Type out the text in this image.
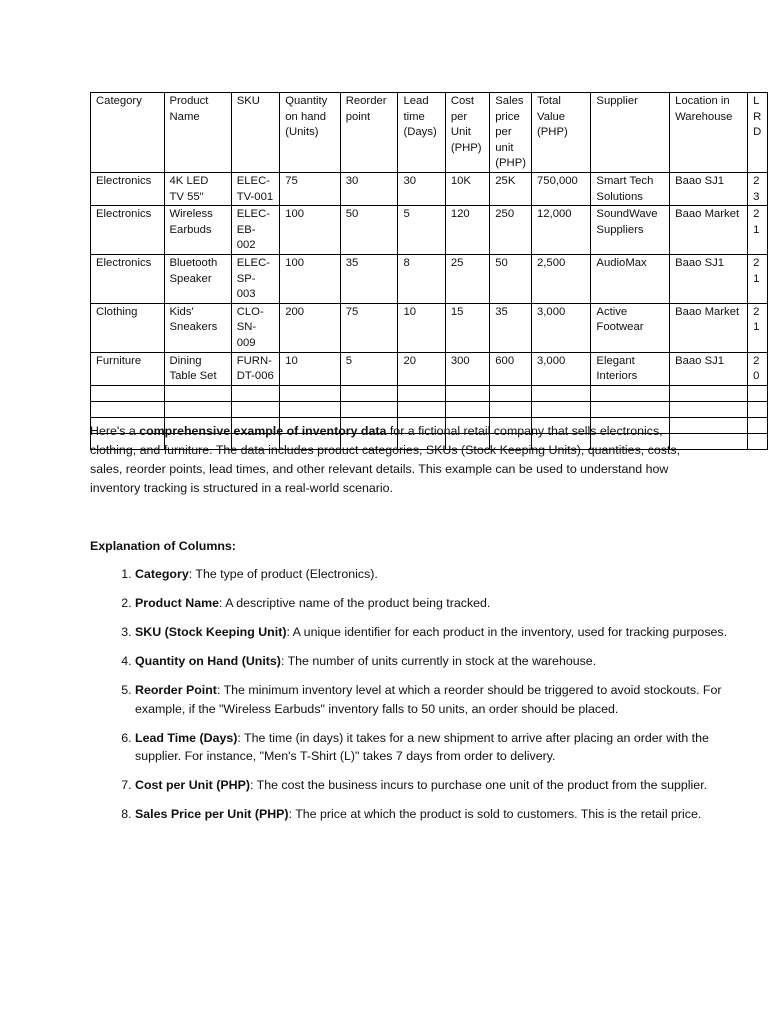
Category	Product Name	SKU	Quantity on hand (Units)	Reorder point	Lead time (Days)	Cost per Unit (PHP)	Sales price per unit (PHP)	Total Value (PHP)	Supplier	Location in Warehouse	L R D
Electronics	4K LED TV 55"	ELEC-TV-001	75	30	30	10K	25K	750,000	Smart Tech Solutions	Baao SJ1	2 3
Electronics	Wireless Earbuds	ELEC-EB-002	100	50	5	120	250	12,000	SoundWave Suppliers	Baao Market	2 1
Electronics	Bluetooth Speaker	ELEC-SP-003	100	35	8	25	50	2,500	AudioMax	Baao SJ1	2 1
Clothing	Kids' Sneakers	CLO-SN-009	200	75	10	15	35	3,000	Active Footwear	Baao Market	2 1
Furniture	Dining Table Set	FURN-DT-006	10	5	20	300	600	3,000	Elegant Interiors	Baao SJ1	2 0

Here's a comprehensive example of inventory data for a fictional retail company that sells electronics, clothing, and furniture. The data includes product categories, SKUs (Stock Keeping Units), quantities, costs, sales, reorder points, lead times, and other relevant details. This example can be used to understand how inventory tracking is structured in a real-world scenario.

Explanation of Columns:
1. Category: The type of product (Electronics).
2. Product Name: A descriptive name of the product being tracked.
3. SKU (Stock Keeping Unit): A unique identifier for each product in the inventory, used for tracking purposes.
4. Quantity on Hand (Units): The number of units currently in stock at the warehouse.
5. Reorder Point: The minimum inventory level at which a reorder should be triggered to avoid stockouts. For example, if the "Wireless Earbuds" inventory falls to 50 units, an order should be placed.
6. Lead Time (Days): The time (in days) it takes for a new shipment to arrive after placing an order with the supplier. For instance, "Men's T-Shirt (L)" takes 7 days from order to delivery.
7. Cost per Unit (PHP): The cost the business incurs to purchase one unit of the product from the supplier.
8. Sales Price per Unit (PHP): The price at which the product is sold to customers. This is the retail price.
